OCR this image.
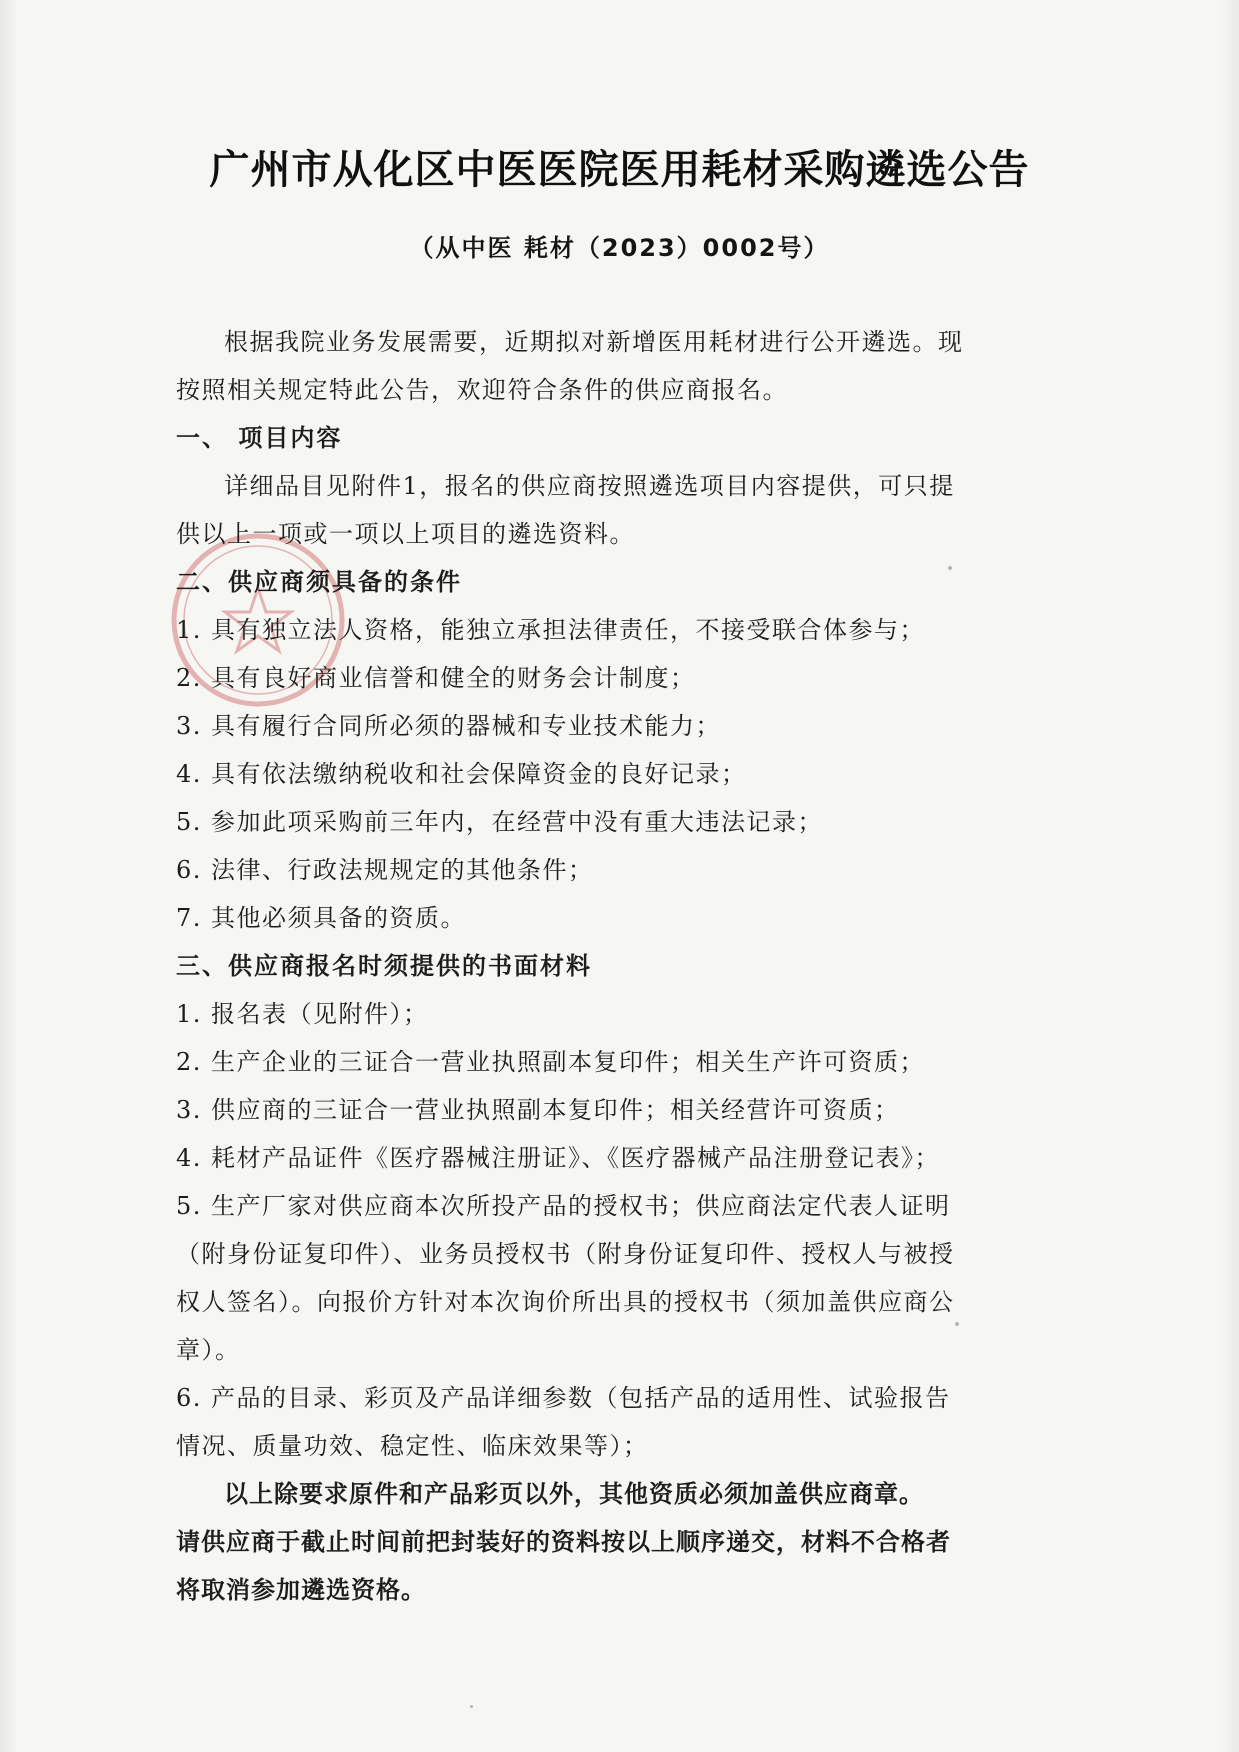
广州市从化区中医医院医用耗材采购遴选公告
（从中医 耗材（2023）0002号）

根据我院业务发展需要，近期拟对新增医用耗材进行公开遴选。现

按照相关规定特此公告，欢迎符合条件的供应商报名。

一、 项目内容

详细品目见附件1，报名的供应商按照遴选项目内容提供，可只提

供以上一项或一项以上项目的遴选资料。

二、供应商须具备的条件

1. 具有独立法人资格，能独立承担法律责任，不接受联合体参与；

2. 具有良好商业信誉和健全的财务会计制度；

3. 具有履行合同所必须的器械和专业技术能力；

4. 具有依法缴纳税收和社会保障资金的良好记录；

5. 参加此项采购前三年内，在经营中没有重大违法记录；

6. 法律、行政法规规定的其他条件；

7. 其他必须具备的资质。

三、供应商报名时须提供的书面材料

1. 报名表（见附件）；

2. 生产企业的三证合一营业执照副本复印件；相关生产许可资质；

3. 供应商的三证合一营业执照副本复印件；相关经营许可资质；

4. 耗材产品证件《医疗器械注册证》、《医疗器械产品注册登记表》；

5. 生产厂家对供应商本次所投产品的授权书；供应商法定代表人证明

（附身份证复印件）、业务员授权书（附身份证复印件、授权人与被授

权人签名）。向报价方针对本次询价所出具的授权书（须加盖供应商公

章）。

6. 产品的目录、彩页及产品详细参数（包括产品的适用性、试验报告

情况、质量功效、稳定性、临床效果等）；

以上除要求原件和产品彩页以外，其他资质必须加盖供应商章。

请供应商于截止时间前把封装好的资料按以上顺序递交，材料不合格者

将取消参加遴选资格。
